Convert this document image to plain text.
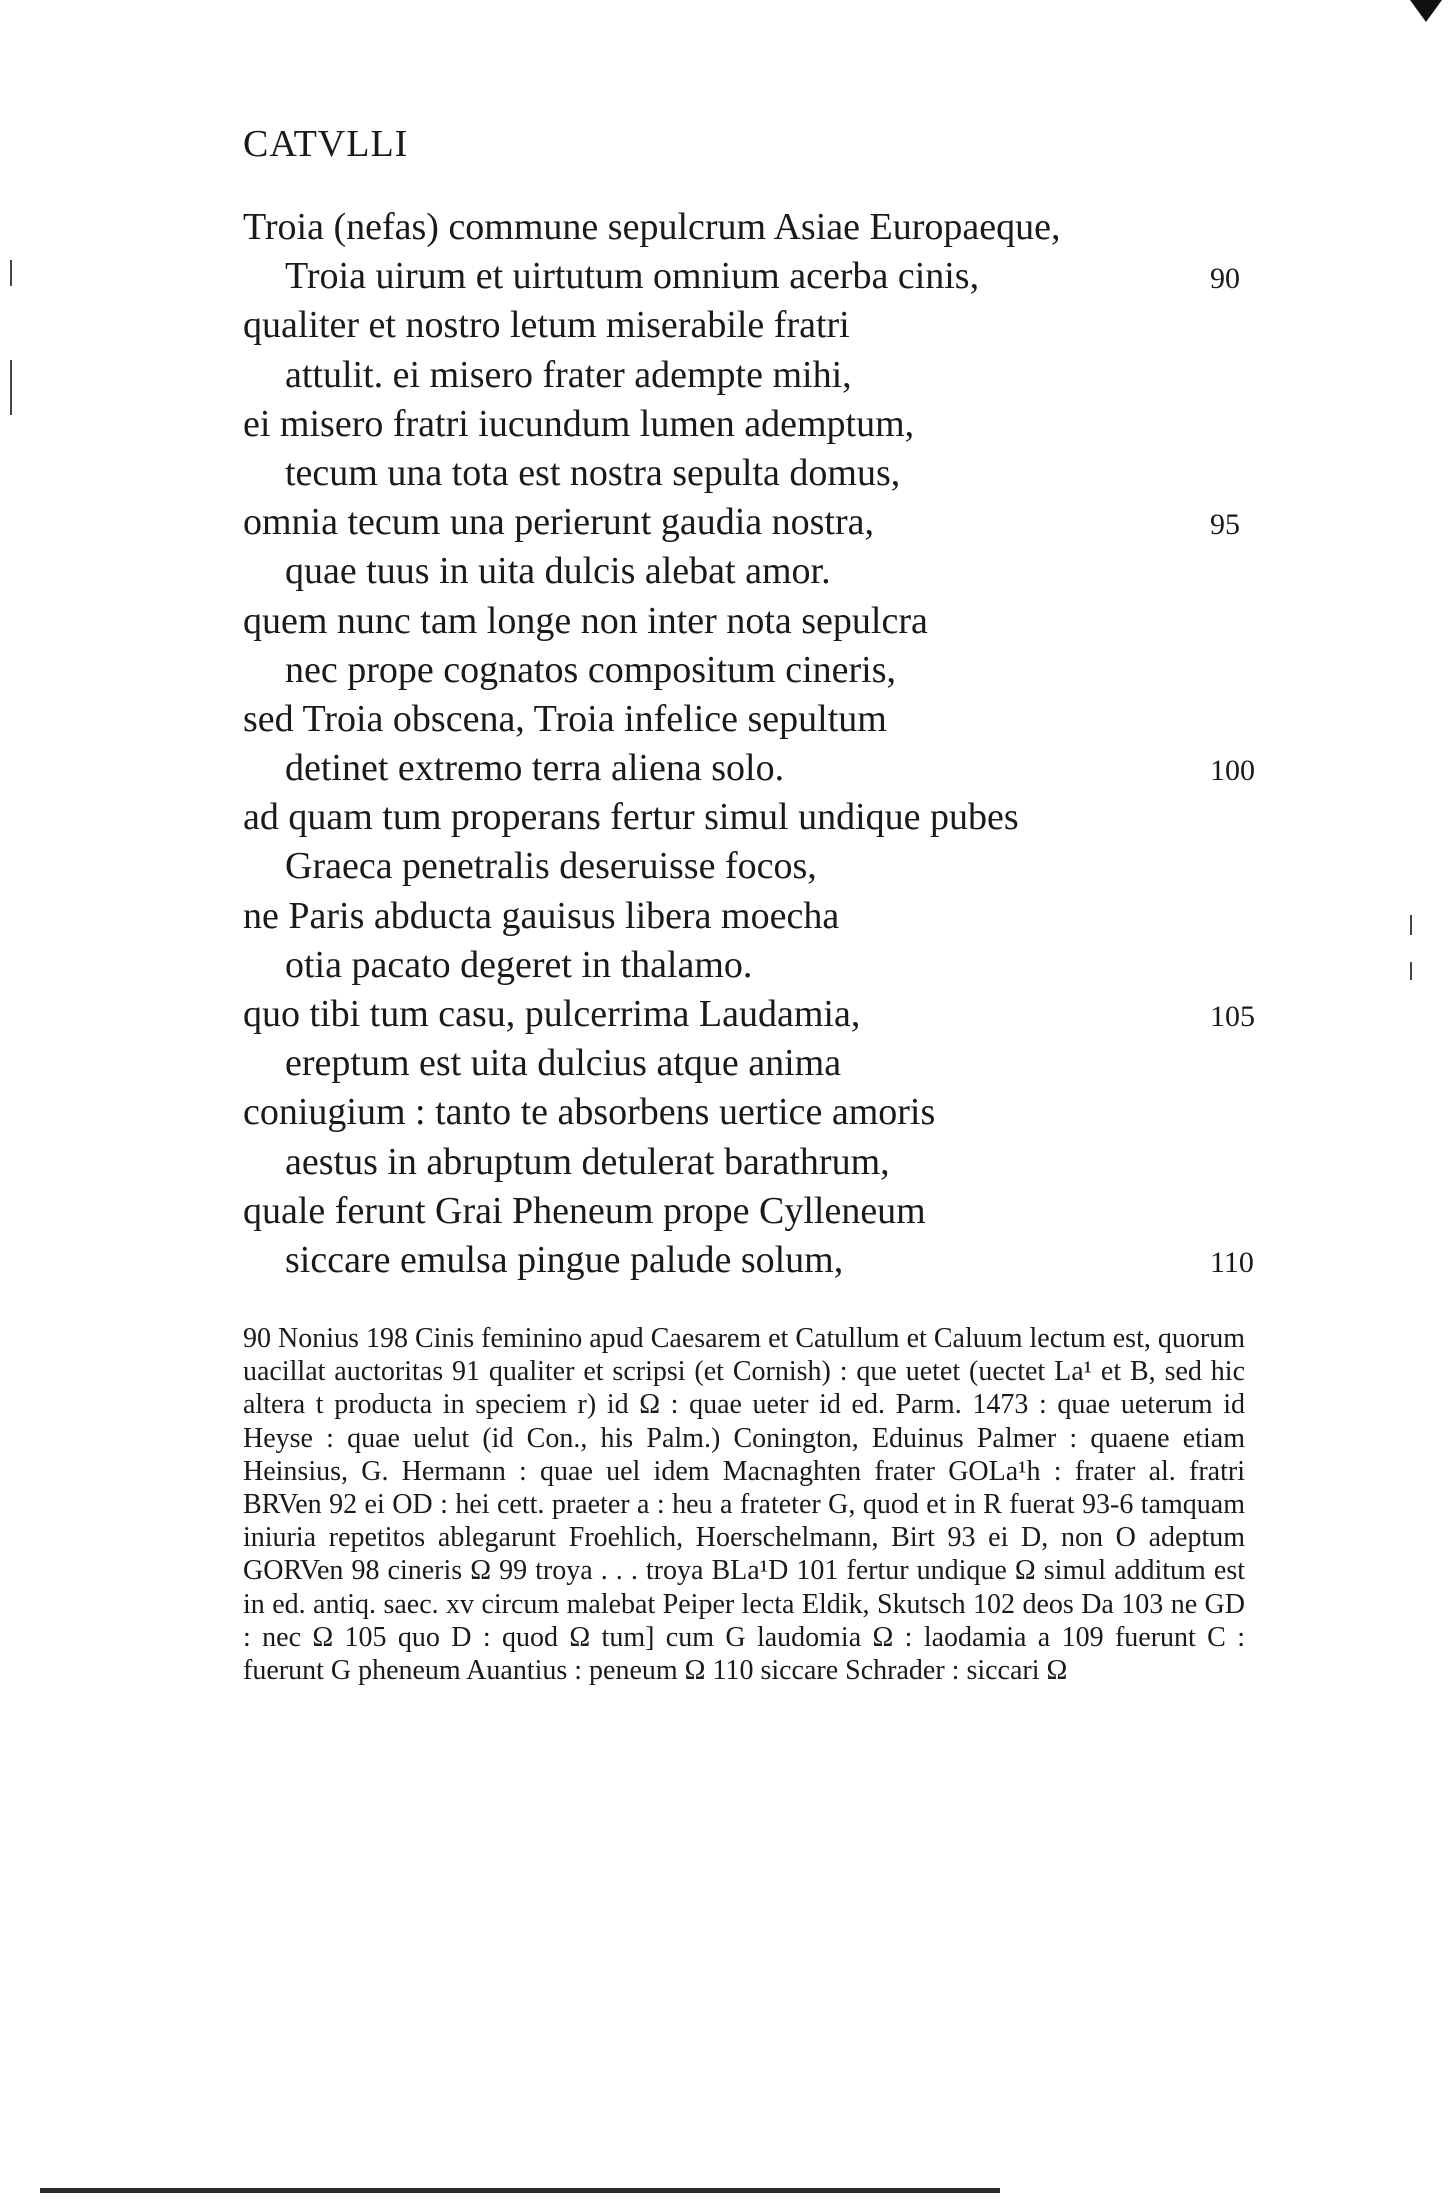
CATVLLI
Troia (nefas) commune sepulcrum Asiae Europaeque,
Troia uirum et uirtutum omnium acerba cinis,	90
qualiter et nostro letum miserabile fratri
attulit. ei misero frater adempte mihi,
ei misero fratri iucundum lumen ademptum,
tecum una tota est nostra sepulta domus,
omnia tecum una perierunt gaudia nostra,	95
quae tuus in uita dulcis alebat amor.
quem nunc tam longe non inter nota sepulcra
nec prope cognatos compositum cineris,
sed Troia obscena, Troia infelice sepultum
detinet extremo terra aliena solo.	100
ad quam tum properans fertur simul undique pubes
Graeca penetralis deseruisse focos,
ne Paris abducta gauisus libera moecha
otia pacato degeret in thalamo.
quo tibi tum casu, pulcerrima Laudamia,	105
ereptum est uita dulcius atque anima
coniugium : tanto te absorbens uertice amoris
aestus in abruptum detulerat barathrum,
quale ferunt Grai Pheneum prope Cylleneum
siccare emulsa pingue palude solum,	110

90 Nonius 198 Cinis feminino apud Caesarem et Catullum et Caluum lectum est, quorum uacillat auctoritas 91 qualiter et scripsi (et Cornish) : que uetet (uectet La¹ et B, sed hic altera t producta in speciem r) id Ω : quae ueter id ed. Parm. 1473 : quae ueterum id Heyse : quae uelut (id Con., his Palm.) Conington, Eduinus Palmer : quaene etiam Heinsius, G. Hermann : quae uel idem Macnaghten frater GOLa¹h : frater al. fratri BRVen 92 ei OD : hei cett. praeter a : heu a frateter G, quod et in R fuerat 93-6 tamquam iniuria repetitos ablegarunt Froehlich, Hoerschelmann, Birt 93 ei D, non O adeptum GORVen 98 cineris Ω 99 troya . . . troya BLa¹D 101 fertur undique Ω simul additum est in ed. antiq. saec. xv circum malebat Peiper lecta Eldik, Skutsch 102 deos Da 103 ne GD : nec Ω 105 quo D : quod Ω tum] cum G laudomia Ω : laodamia a 109 fuerunt C : fuerunt G pheneum Auantius : peneum Ω 110 siccare Schrader : siccari Ω
